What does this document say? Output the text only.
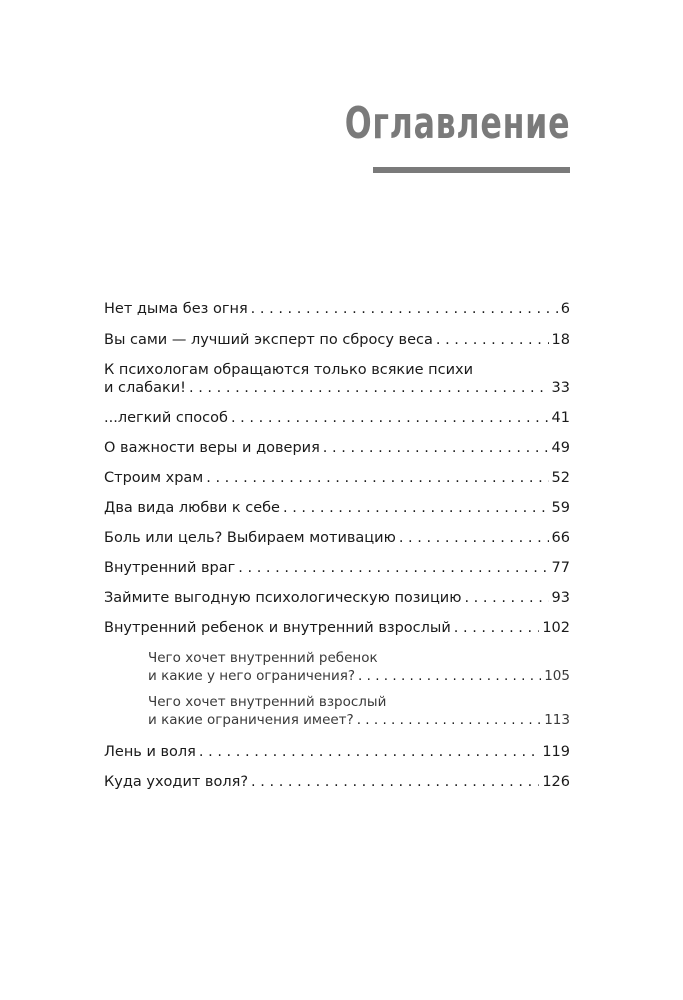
Оглавление
Нет дыма без огня . . .	6
Вы сами — лучший эксперт по сбросу веса . . .	18
К психологам обращаются только всякие психи
и слабаки! . . .	33
...легкий способ . . .	41
О важности веры и доверия . . .	49
Строим храм . . .	52
Два вида любви к себе . . .	59
Боль или цель? Выбираем мотивацию . . .	66
Внутренний враг . . .	77
Займите выгодную психологическую позицию . . .	93
Внутренний ребенок и внутренний взрослый . . .	102
Чего хочет внутренний ребенок
и какие у него ограничения? . . .	105
Чего хочет внутренний взрослый
и какие ограничения имеет? . . .	113
Лень и воля . . .	119
Куда уходит воля? . . .	126
